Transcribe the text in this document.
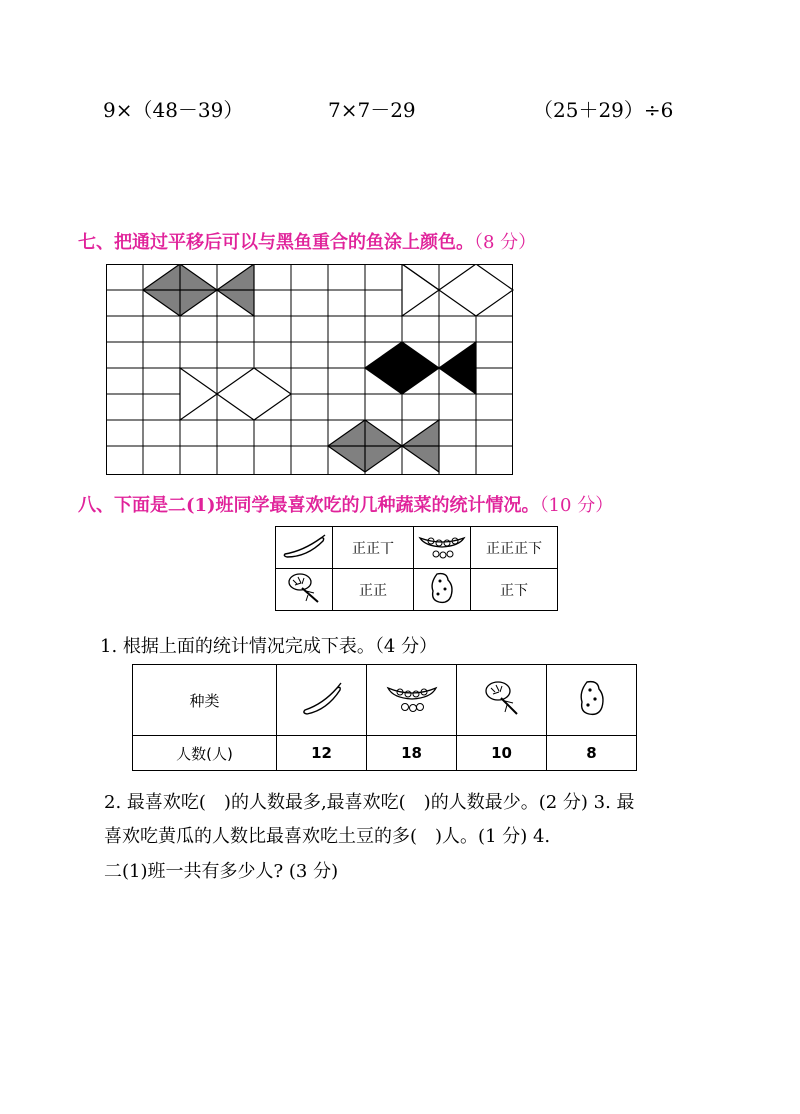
9×（48－39）	7×7－29	（25＋29）÷6
七、把通过平移后可以与黑鱼重合的鱼涂上颜色。（8 分）
八、下面是二(1)班同学最喜欢吃的几种蔬菜的统计情况。（10 分）
	正正丅		正正正下
	正正		正下
1. 根据上面的统计情况完成下表。（4 分）
种类				
人数(人)	12	18	10	8
2. 最喜欢吃(　)的人数最多,最喜欢吃(　)的人数最少。(2 分) 3. 最
喜欢吃黄瓜的人数比最喜欢吃土豆的多(　)人。(1 分) 4.
二(1)班一共有多少人? (3 分)
